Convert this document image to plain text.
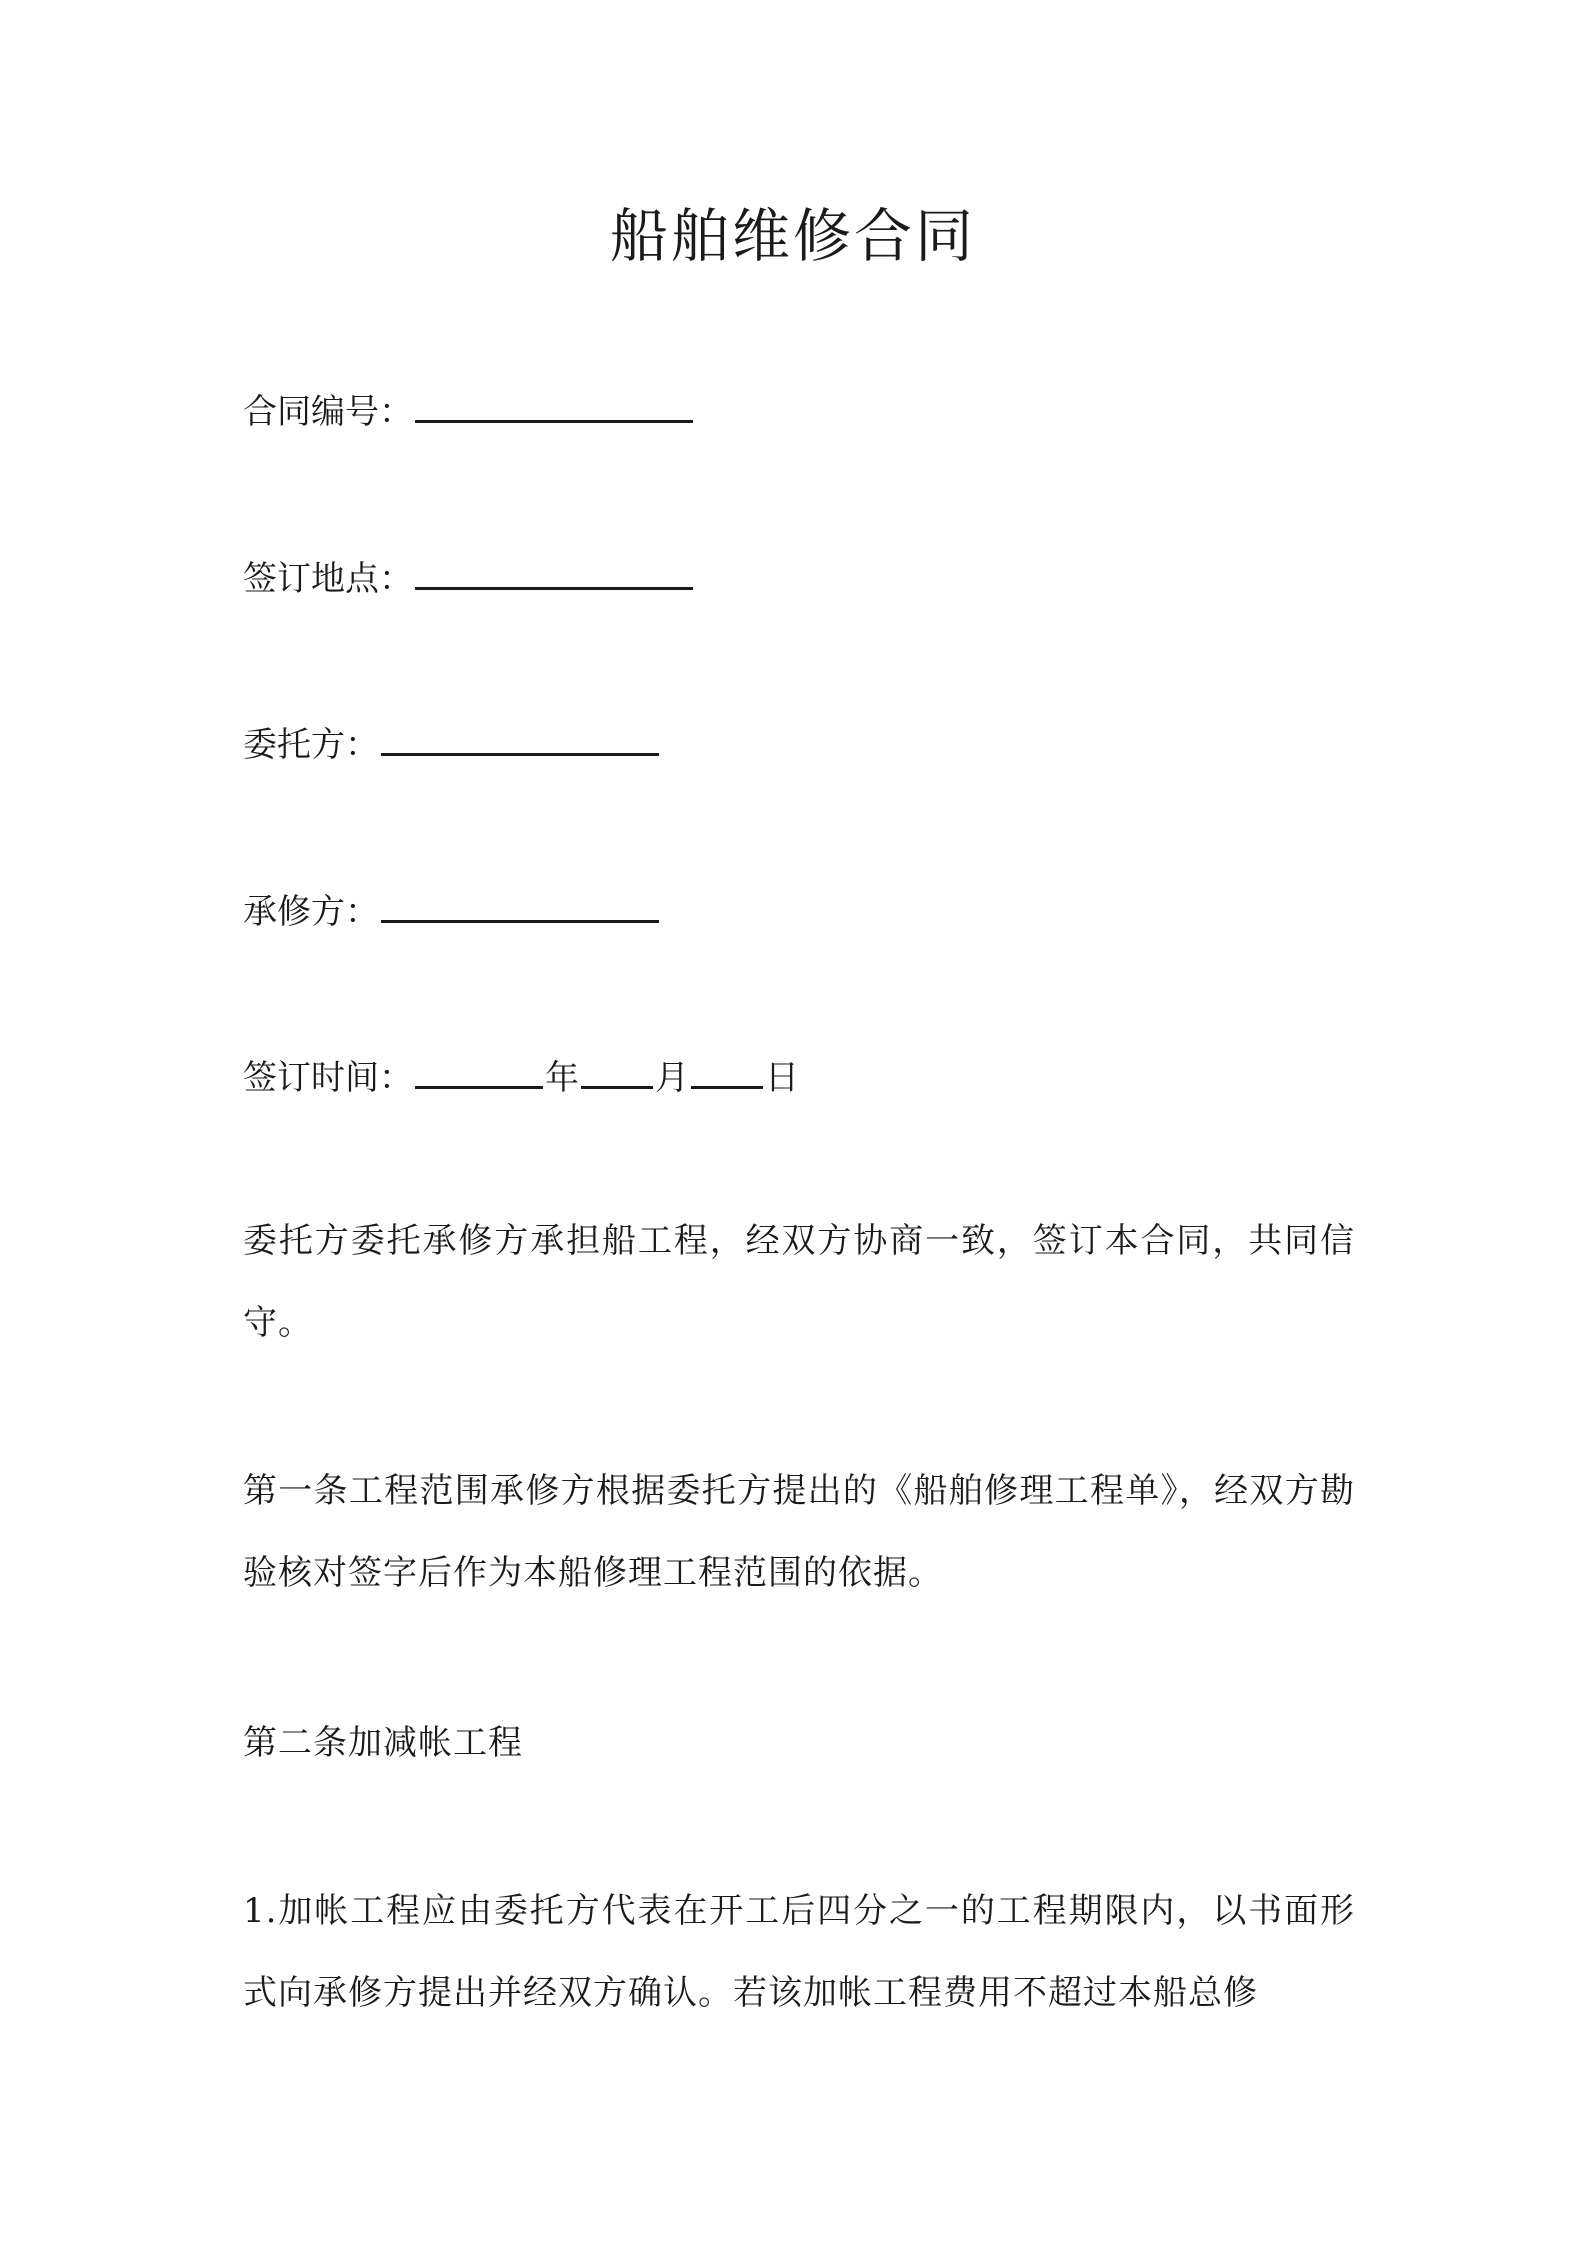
船舶维修合同
合同编号：
签订地点：
委托方：
承修方：
签订时间：	年 月 日
委托方委托承修方承担船工程，经双方协商一致，签订本合同，共同信守。
第一条工程范围承修方根据委托方提出的《船舶修理工程单》，经双方勘验核对签字后作为本船修理工程范围的依据。
第二条加减帐工程
1.加帐工程应由委托方代表在开工后四分之一的工程期限内，以书面形式向承修方提出并经双方确认。若该加帐工程费用不超过本船总修
